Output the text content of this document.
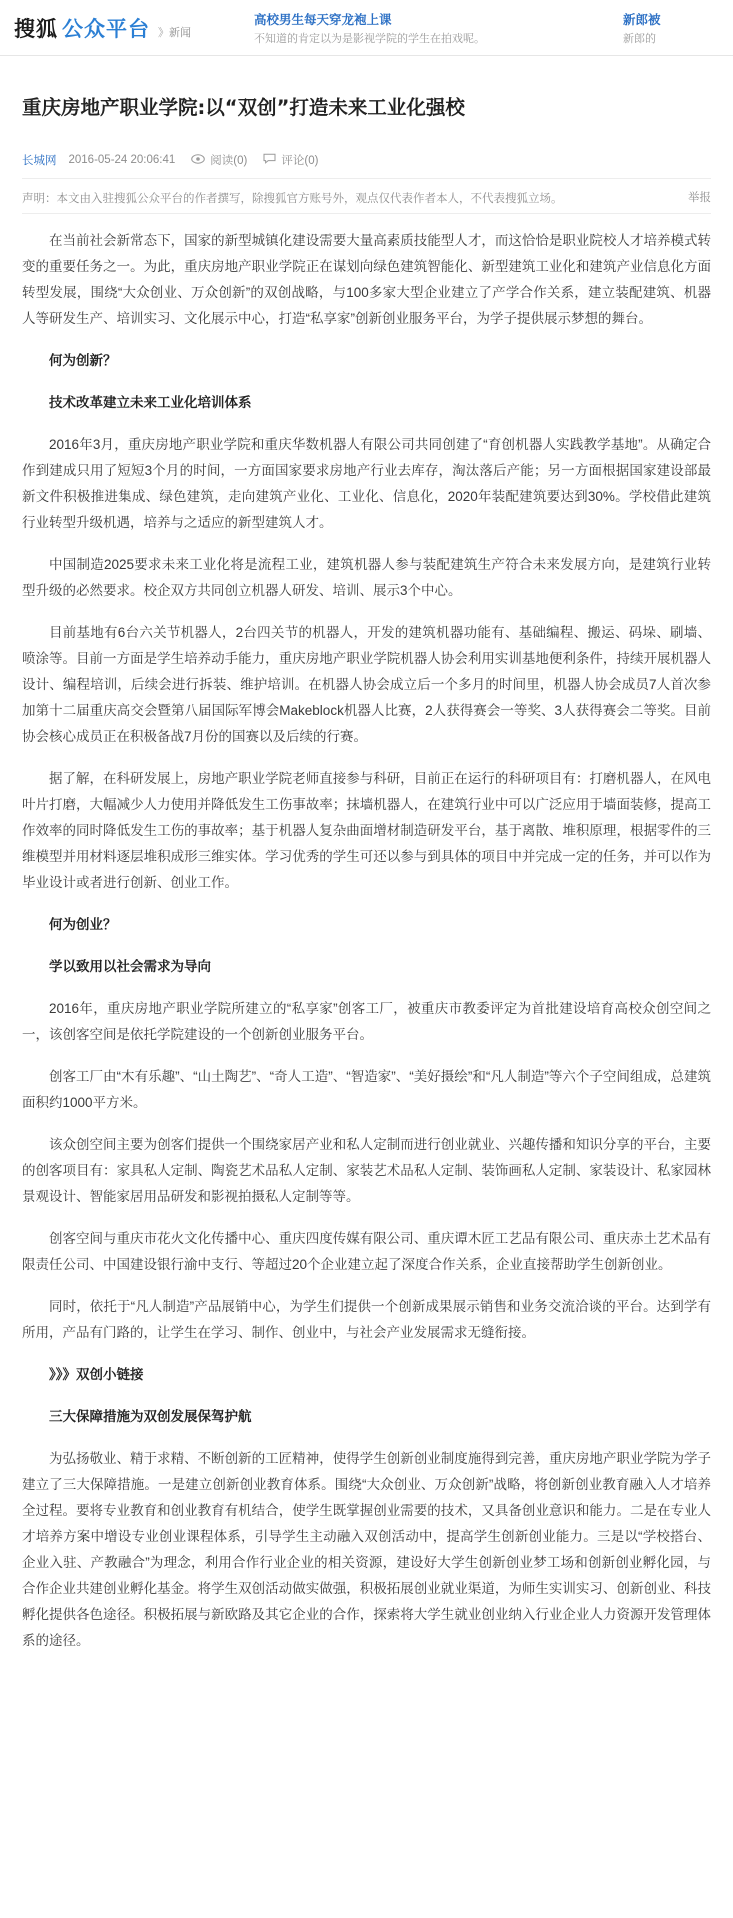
搜狐 公众平台 》新闻
高校男生每天穿龙袍上课
不知道的肯定以为是影视学院的学生在拍戏呢。
新郎被
新郎的
重庆房地产职业学院:以“双创”打造未来工业化强校
长城网 2016-05-24 20:06:41	阅读(0)	评论(0)
声明：本文由入驻搜狐公众平台的作者撰写，除搜狐官方账号外，观点仅代表作者本人，不代表搜狐立场。	举报

在当前社会新常态下，国家的新型城镇化建设需要大量高素质技能型人才，而这恰恰是职业院校人才培养模式转变的重要任务之一。为此，重庆房地产职业学院正在谋划向绿色建筑智能化、新型建筑工业化和建筑产业信息化方面转型发展，围绕“大众创业、万众创新”的双创战略，与100多家大型企业建立了产学合作关系，建立装配建筑、机器人等研发生产、培训实习、文化展示中心，打造“私享家”创新创业服务平台，为学子提供展示梦想的舞台。

何为创新？

技术改革建立未来工业化培训体系

2016年3月，重庆房地产职业学院和重庆华数机器人有限公司共同创建了“育创机器人实践教学基地”。从确定合作到建成只用了短短3个月的时间，一方面国家要求房地产行业去库存，淘汰落后产能；另一方面根据国家建设部最新文件积极推进集成、绿色建筑，走向建筑产业化、工业化、信息化，2020年装配建筑要达到30%。学校借此建筑行业转型升级机遇，培养与之适应的新型建筑人才。

中国制造2025要求未来工业化将是流程工业，建筑机器人参与装配建筑生产符合未来发展方向，是建筑行业转型升级的必然要求。校企双方共同创立机器人研发、培训、展示3个中心。

目前基地有6台六关节机器人，2台四关节的机器人，开发的建筑机器功能有、基础编程、搬运、码垛、刷墙、喷涂等。目前一方面是学生培养动手能力，重庆房地产职业学院机器人协会利用实训基地便利条件，持续开展机器人设计、编程培训，后续会进行拆装、维护培训。在机器人协会成立后一个多月的时间里，机器人协会成员7人首次参加第十二届重庆高交会暨第八届国际军博会Makeblock机器人比赛，2人获得赛会一等奖、3人获得赛会二等奖。目前协会核心成员正在积极备战7月份的国赛以及后续的行赛。

据了解，在科研发展上，房地产职业学院老师直接参与科研，目前正在运行的科研项目有：打磨机器人，在风电叶片打磨，大幅减少人力使用并降低发生工伤事故率；抹墙机器人，在建筑行业中可以广泛应用于墙面装修，提高工作效率的同时降低发生工伤的事故率；基于机器人复杂曲面增材制造研发平台，基于离散、堆积原理，根据零件的三维模型并用材料逐层堆积成形三维实体。学习优秀的学生可还以参与到具体的项目中并完成一定的任务，并可以作为毕业设计或者进行创新、创业工作。

何为创业？

学以致用以社会需求为导向

2016年，重庆房地产职业学院所建立的“私享家”创客工厂，被重庆市教委评定为首批建设培育高校众创空间之一，该创客空间是依托学院建设的一个创新创业服务平台。

创客工厂由“木有乐趣”、“山土陶艺”、“奇人工造”、“智造家”、“美好摄绘”和“凡人制造”等六个子空间组成，总建筑面积约1000平方米。

该众创空间主要为创客们提供一个围绕家居产业和私人定制而进行创业就业、兴趣传播和知识分享的平台，主要的创客项目有：家具私人定制、陶瓷艺术品私人定制、家装艺术品私人定制、装饰画私人定制、家装设计、私家园林景观设计、智能家居用品研发和影视拍摄私人定制等等。

创客空间与重庆市花火文化传播中心、重庆四度传媒有限公司、重庆谭木匠工艺品有限公司、重庆赤土艺术品有限责任公司、中国建设银行渝中支行、等超过20个企业建立起了深度合作关系，企业直接帮助学生创新创业。

同时，依托于“凡人制造”产品展销中心，为学生们提供一个创新成果展示销售和业务交流洽谈的平台。达到学有所用，产品有门路的，让学生在学习、制作、创业中，与社会产业发展需求无缝衔接。

》》》双创小链接

三大保障措施为双创发展保驾护航

为弘扬敬业、精于求精、不断创新的工匠精神，使得学生创新创业制度施得到完善，重庆房地产职业学院为学子建立了三大保障措施。一是建立创新创业教育体系。围绕“大众创业、万众创新”战略，将创新创业教育融入人才培养全过程。要将专业教育和创业教育有机结合，使学生既掌握创业需要的技术，又具备创业意识和能力。二是在专业人才培养方案中增设专业创业课程体系，引导学生主动融入双创活动中，提高学生创新创业能力。三是以“学校搭台、企业入驻、产教融合”为理念，利用合作行业企业的相关资源，建设好大学生创新创业梦工场和创新创业孵化园，与合作企业共建创业孵化基金。将学生双创活动做实做强，积极拓展创业就业渠道，为师生实训实习、创新创业、科技孵化提供各色途径。积极拓展与新欧路及其它企业的合作，探索将大学生就业创业纳入行业企业人力资源开发管理体系的途径。
